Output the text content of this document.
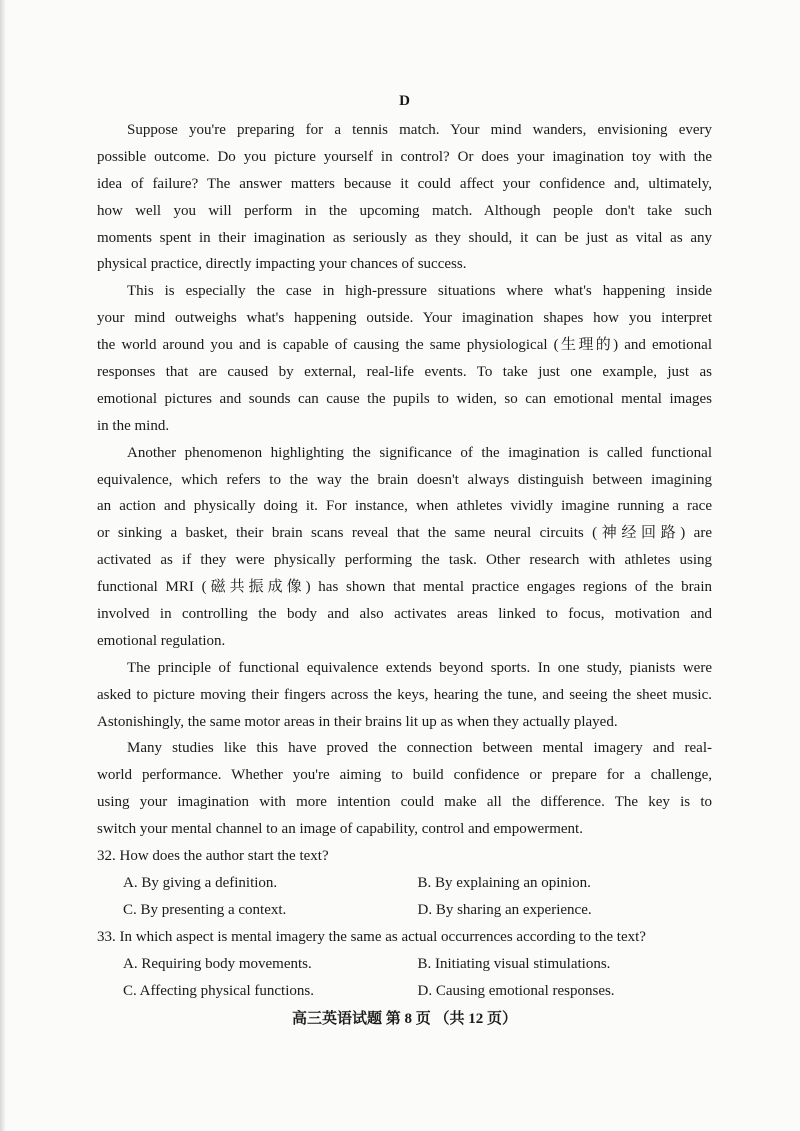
D
Suppose you're preparing for a tennis match. Your mind wanders, envisioning every
possible outcome. Do you picture yourself in control? Or does your imagination toy with the
idea of failure? The answer matters because it could affect your confidence and, ultimately,
how well you will perform in the upcoming match. Although people don't take such
moments spent in their imagination as seriously as they should, it can be just as vital as any
physical practice, directly impacting your chances of success.
This is especially the case in high-pressure situations where what's happening inside
your mind outweighs what's happening outside. Your imagination shapes how you interpret
the world around you and is capable of causing the same physiological (生理的) and emotional
responses that are caused by external, real-life events. To take just one example, just as
emotional pictures and sounds can cause the pupils to widen, so can emotional mental images
in the mind.
Another phenomenon highlighting the significance of the imagination is called functional
equivalence, which refers to the way the brain doesn't always distinguish between imagining
an action and physically doing it. For instance, when athletes vividly imagine running a race
or sinking a basket, their brain scans reveal that the same neural circuits (神经回路) are
activated as if they were physically performing the task. Other research with athletes using
functional MRI (磁共振成像) has shown that mental practice engages regions of the brain
involved in controlling the body and also activates areas linked to focus, motivation and
emotional regulation.
The principle of functional equivalence extends beyond sports. In one study, pianists were
asked to picture moving their fingers across the keys, hearing the tune, and seeing the sheet music.
Astonishingly, the same motor areas in their brains lit up as when they actually played.
Many studies like this have proved the connection between mental imagery and real-
world performance. Whether you're aiming to build confidence or prepare for a challenge,
using your imagination with more intention could make all the difference. The key is to
switch your mental channel to an image of capability, control and empowerment.
32. How does the author start the text?
A. By giving a definition.	B. By explaining an opinion.
C. By presenting a context.	D. By sharing an experience.
33. In which aspect is mental imagery the same as actual occurrences according to the text?
A. Requiring body movements.	B. Initiating visual stimulations.
C. Affecting physical functions.	D. Causing emotional responses.
高三英语试题 第 8 页 （共 12 页）
